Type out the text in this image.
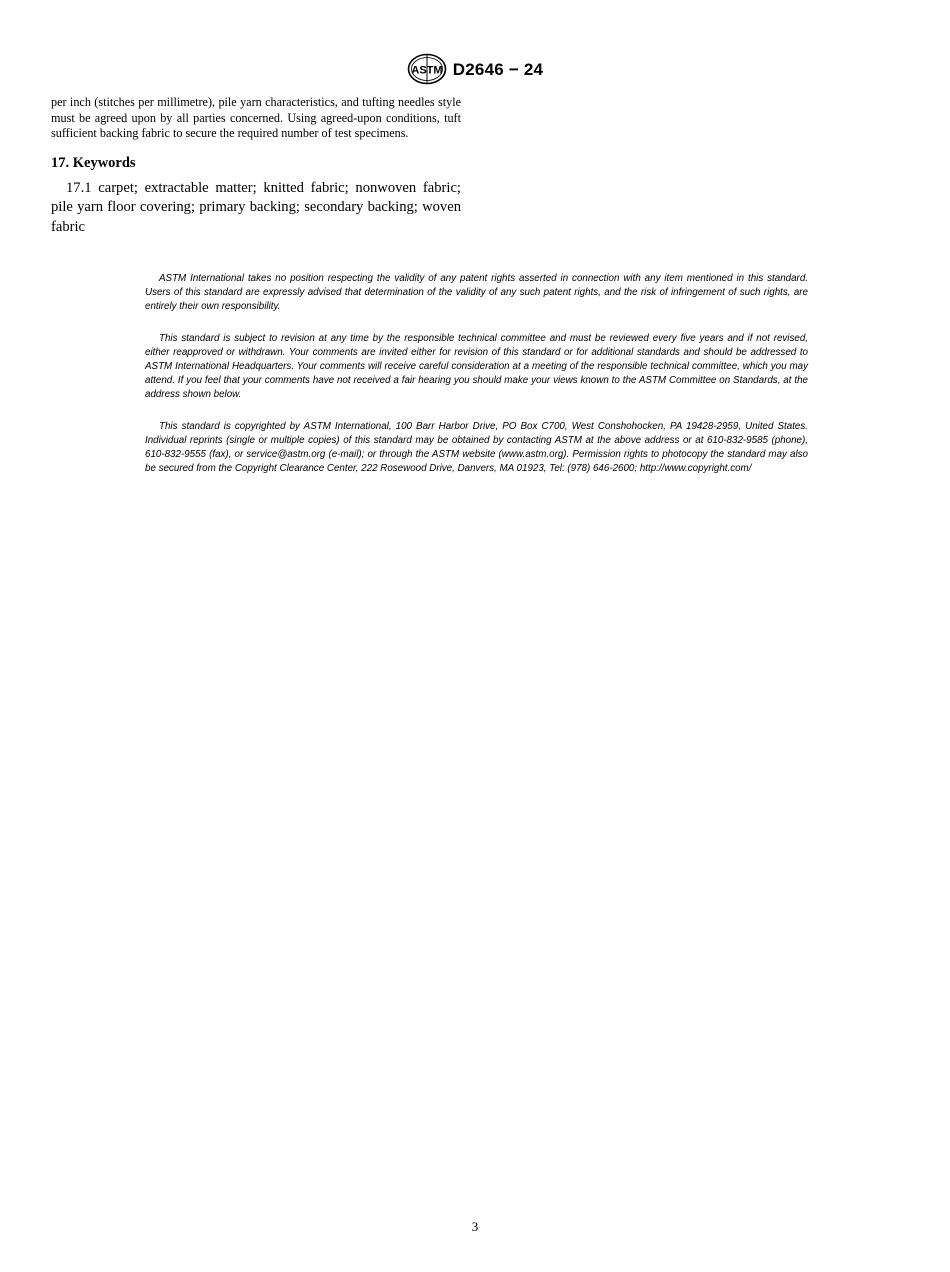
ASTM D2646 − 24

per inch (stitches per millimetre), pile yarn characteristics, and tufting needles style must be agreed upon by all parties concerned. Using agreed-upon conditions, tuft sufficient backing fabric to secure the required number of test specimens.

17. Keywords

17.1 carpet; extractable matter; knitted fabric; nonwoven fabric; pile yarn floor covering; primary backing; secondary backing; woven fabric

ASTM International takes no position respecting the validity of any patent rights asserted in connection with any item mentioned in this standard. Users of this standard are expressly advised that determination of the validity of any such patent rights, and the risk of infringement of such rights, are entirely their own responsibility.

This standard is subject to revision at any time by the responsible technical committee and must be reviewed every five years and if not revised, either reapproved or withdrawn. Your comments are invited either for revision of this standard or for additional standards and should be addressed to ASTM International Headquarters. Your comments will receive careful consideration at a meeting of the responsible technical committee, which you may attend. If you feel that your comments have not received a fair hearing you should make your views known to the ASTM Committee on Standards, at the address shown below.

This standard is copyrighted by ASTM International, 100 Barr Harbor Drive, PO Box C700, West Conshohocken, PA 19428-2959, United States. Individual reprints (single or multiple copies) of this standard may be obtained by contacting ASTM at the above address or at 610-832-9585 (phone), 610-832-9555 (fax), or service@astm.org (e-mail); or through the ASTM website (www.astm.org). Permission rights to photocopy the standard may also be secured from the Copyright Clearance Center, 222 Rosewood Drive, Danvers, MA 01923, Tel: (978) 646-2600; http://www.copyright.com/

3
